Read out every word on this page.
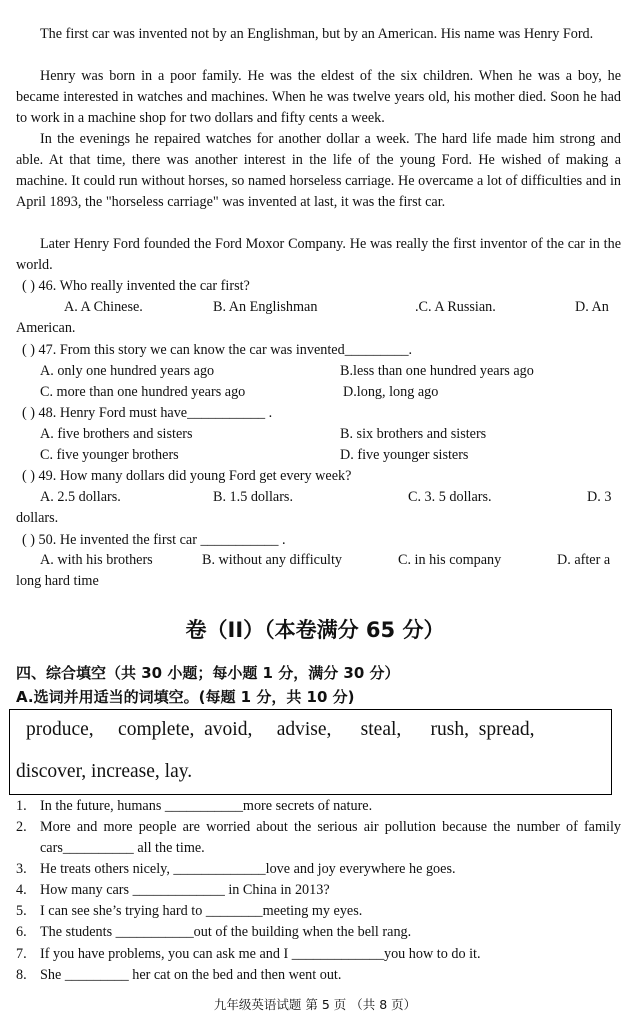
The first car was invented not by an Englishman, but by an American. His name was Henry Ford.

Henry was born in a poor family. He was the eldest of the six children. When he was a boy, he became interested in watches and machines. When he was twelve years old, his mother died. Soon he had to work in a machine shop for two dollars and fifty cents a week.

In the evenings he repaired watches for another dollar a week. The hard life made him strong and able. At that time, there was another interest in the life of the young Ford. He wished of making a machine. It could run without horses, so named horseless carriage. He overcame a lot of difficulties and in April 1893, the "horseless carriage" was invented at last, it was the first car.

Later Henry Ford founded the Ford Moxor Company. He was really the first inventor of the car in the world.

( ) 46. Who really invented the car first?
A. A Chinese.	B. An Englishman	.C. A Russian.	D. An
American.
( ) 47. From this story we can know the car was invented_________.
A. only one hundred years ago	B.less than one hundred years ago
C. more than one hundred years ago	D.long, long ago
( ) 48. Henry Ford must have___________ .
A. five brothers and sisters	B. six brothers and sisters
C. five younger brothers	D. five younger sisters
( ) 49. How many dollars did young Ford get every week?
A. 2.5 dollars.	B. 1.5 dollars.	C. 3. 5 dollars.	D. 3
dollars.
( ) 50. He invented the first car ___________ .
A. with his brothers	B. without any difficulty	C. in his company	D. after a
long hard time
卷（II）（本卷满分 65 分）
四、综合填空（共 30 小题；每小题 1 分，满分 30 分）
A.选词并用适当的词填空。(每题 1 分，共 10 分)
produce,     complete,  avoid,     advise,      steal,      rush,  spread,
discover, increase, lay.
1. In the future, humans ___________more secrets of nature.
2. More and more people are worried about the serious air pollution because the number of family cars__________ all the time.
3. He treats others nicely, _____________love and joy everywhere he goes.
4. How many cars _____________ in China in 2013?
5. I can see she’s trying hard to ________meeting my eyes.
6. The students ___________out of the building when the bell rang.
7. If you have problems, you can ask me and I _____________you how to do it.
8. She _________ her cat on the bed and then went out.
九年级英语试题 第 5 页 （共 8 页）
